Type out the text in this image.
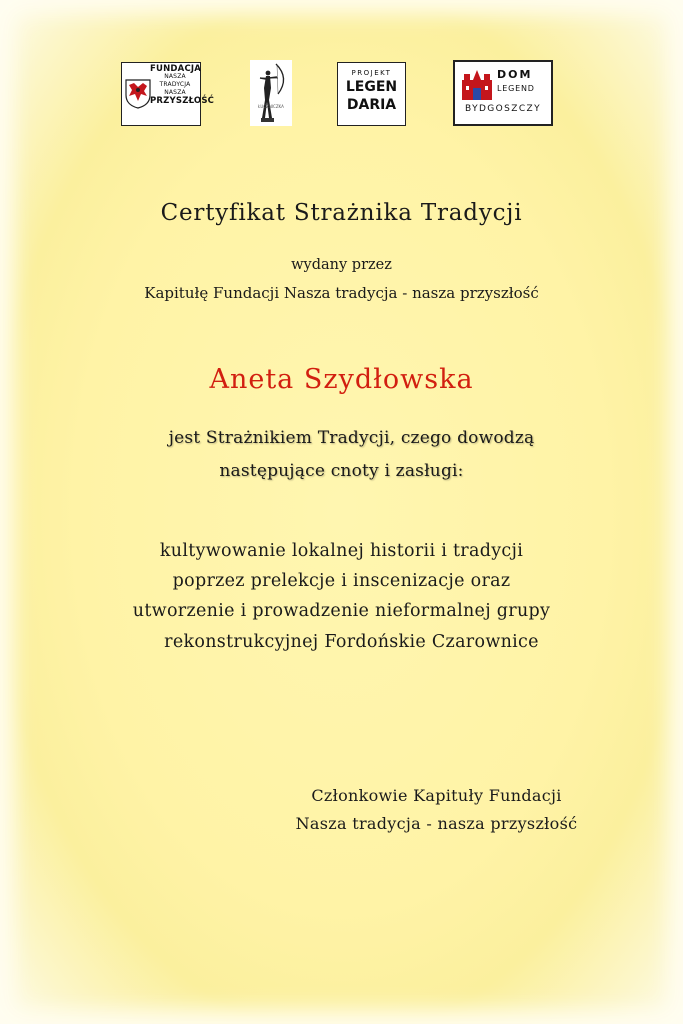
FUNDACJA
NASZA
TRADYCJA
NASZA
PRZYSZŁOŚĆ
ŁUCZNICZKA
PROJEKT
LEGEN
DARIA
DOM
LEGEND
BYDGOSZCZY
Certyfikat Strażnika Tradycji
wydany przez
Kapitułę Fundacji Nasza tradycja - nasza przyszłość
Aneta Szydłowska
jest Strażnikiem Tradycji, czego dowodzą
następujące cnoty i zasługi:
kultywowanie lokalnej historii i tradycji
poprzez prelekcje i inscenizacje oraz
utworzenie i prowadzenie nieformalnej grupy
rekonstrukcyjnej Fordońskie Czarownice
Członkowie Kapituły Fundacji
Nasza tradycja - nasza przyszłość
